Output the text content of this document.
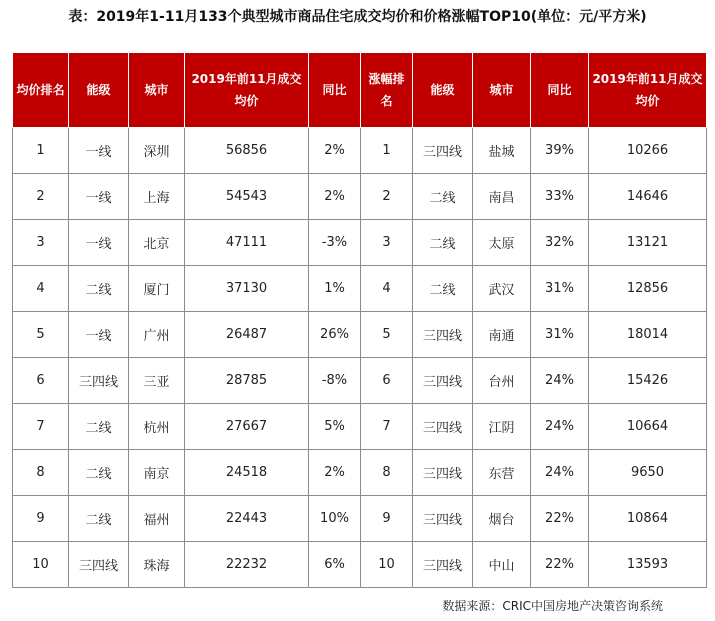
表：2019年1-11月133个典型城市商品住宅成交均价和价格涨幅TOP10(单位：元/平方米)
均价排名	能级	城市	2019年前11月成交均价	同比	涨幅排名	能级	城市	同比	2019年前11月成交均价
1	一线	深圳	56856	2%	1	三四线	盐城	39%	10266
2	一线	上海	54543	2%	2	二线	南昌	33%	14646
3	一线	北京	47111	-3%	3	二线	太原	32%	13121
4	二线	厦门	37130	1%	4	二线	武汉	31%	12856
5	一线	广州	26487	26%	5	三四线	南通	31%	18014
6	三四线	三亚	28785	-8%	6	三四线	台州	24%	15426
7	二线	杭州	27667	5%	7	三四线	江阴	24%	10664
8	二线	南京	24518	2%	8	三四线	东营	24%	9650
9	二线	福州	22443	10%	9	三四线	烟台	22%	10864
10	三四线	珠海	22232	6%	10	三四线	中山	22%	13593
数据来源：CRIC中国房地产决策咨询系统
